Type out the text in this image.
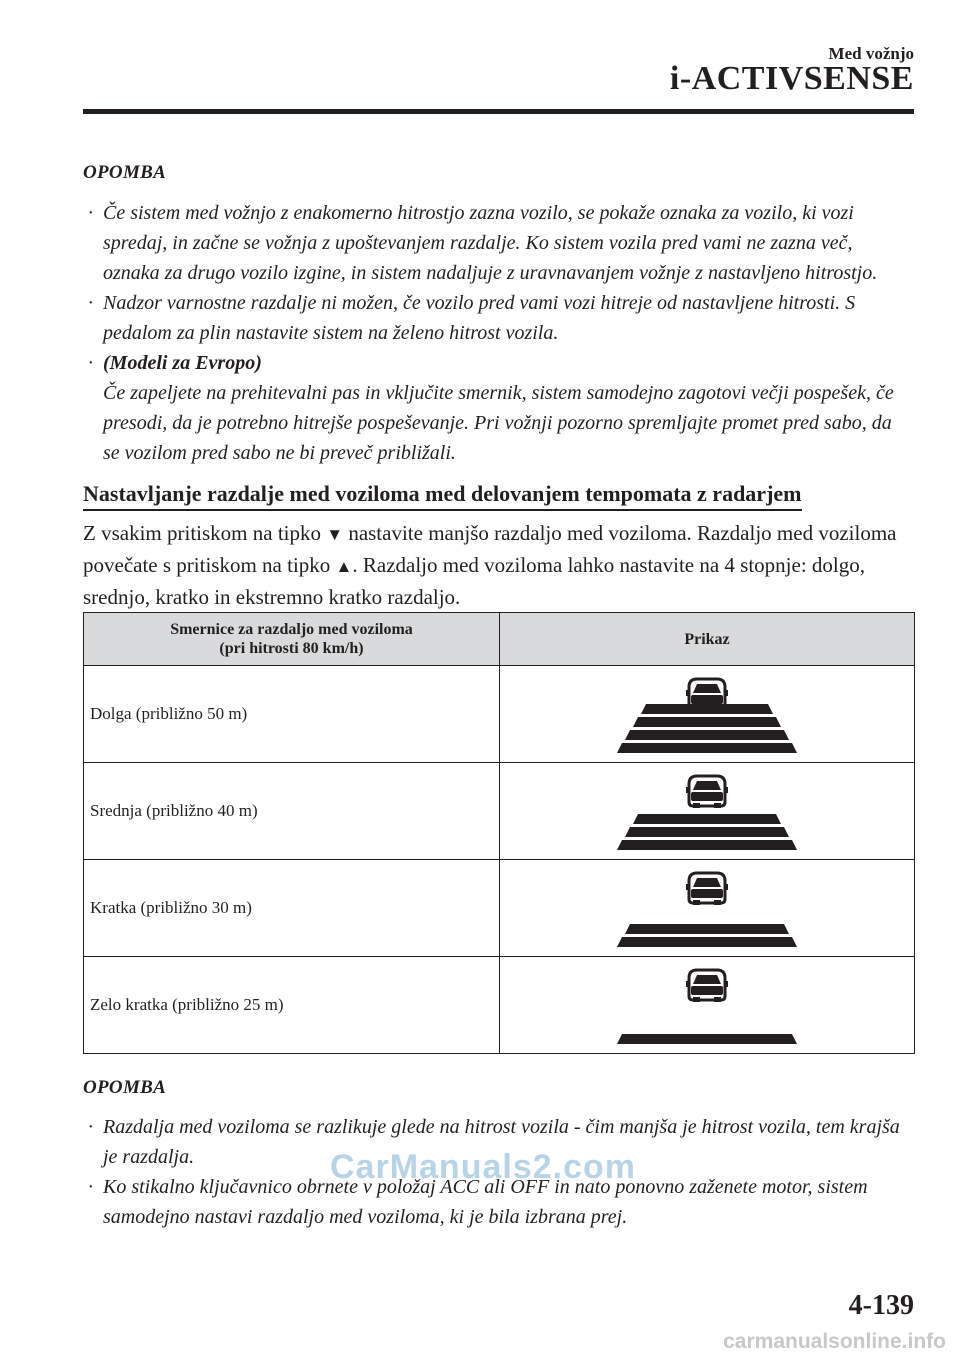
Med vožnjo
i-ACTIVSENSE
OPOMBA
· Če sistem med vožnjo z enakomerno hitrostjo zazna vozilo, se pokaže oznaka za vozilo, ki vozi spredaj, in začne se vožnja z upoštevanjem razdalje. Ko sistem vozila pred vami ne zazna več, oznaka za drugo vozilo izgine, in sistem nadaljuje z uravnavanjem vožnje z nastavljeno hitrostjo.
· Nadzor varnostne razdalje ni možen, če vozilo pred vami vozi hitreje od nastavljene hitrosti. S pedalom za plin nastavite sistem na želeno hitrost vozila.
· (Modeli za Evropo)
Če zapeljete na prehitevalni pas in vključite smernik, sistem samodejno zagotovi večji pospešek, če presodi, da je potrebno hitrejše pospeševanje. Pri vožnji pozorno spremljajte promet pred sabo, da se vozilom pred sabo ne bi preveč približali.
Nastavljanje razdalje med voziloma med delovanjem tempomata z radarjem

Z vsakim pritiskom na tipko ▼ nastavite manjšo razdaljo med voziloma. Razdaljo med voziloma povečate s pritiskom na tipko ▲. Razdaljo med voziloma lahko nastavite na 4 stopnje: dolgo, srednjo, kratko in ekstremno kratko razdaljo.

Smernice za razdaljo med voziloma
(pri hitrosti 80 km/h)	Prikaz
Dolga (približno 50 m)	

Srednja (približno 40 m)	

Kratka (približno 30 m)	

Zelo kratka (približno 25 m)	
OPOMBA
· Razdalja med voziloma se razlikuje glede na hitrost vozila - čim manjša je hitrost vozila, tem krajša je razdalja.
· Ko stikalno ključavnico obrnete v položaj ACC ali OFF in nato ponovno zaženete motor, sistem samodejno nastavi razdaljo med voziloma, ki je bila izbrana prej.
CarManuals2.com
4-139
carmanualsonline.info
